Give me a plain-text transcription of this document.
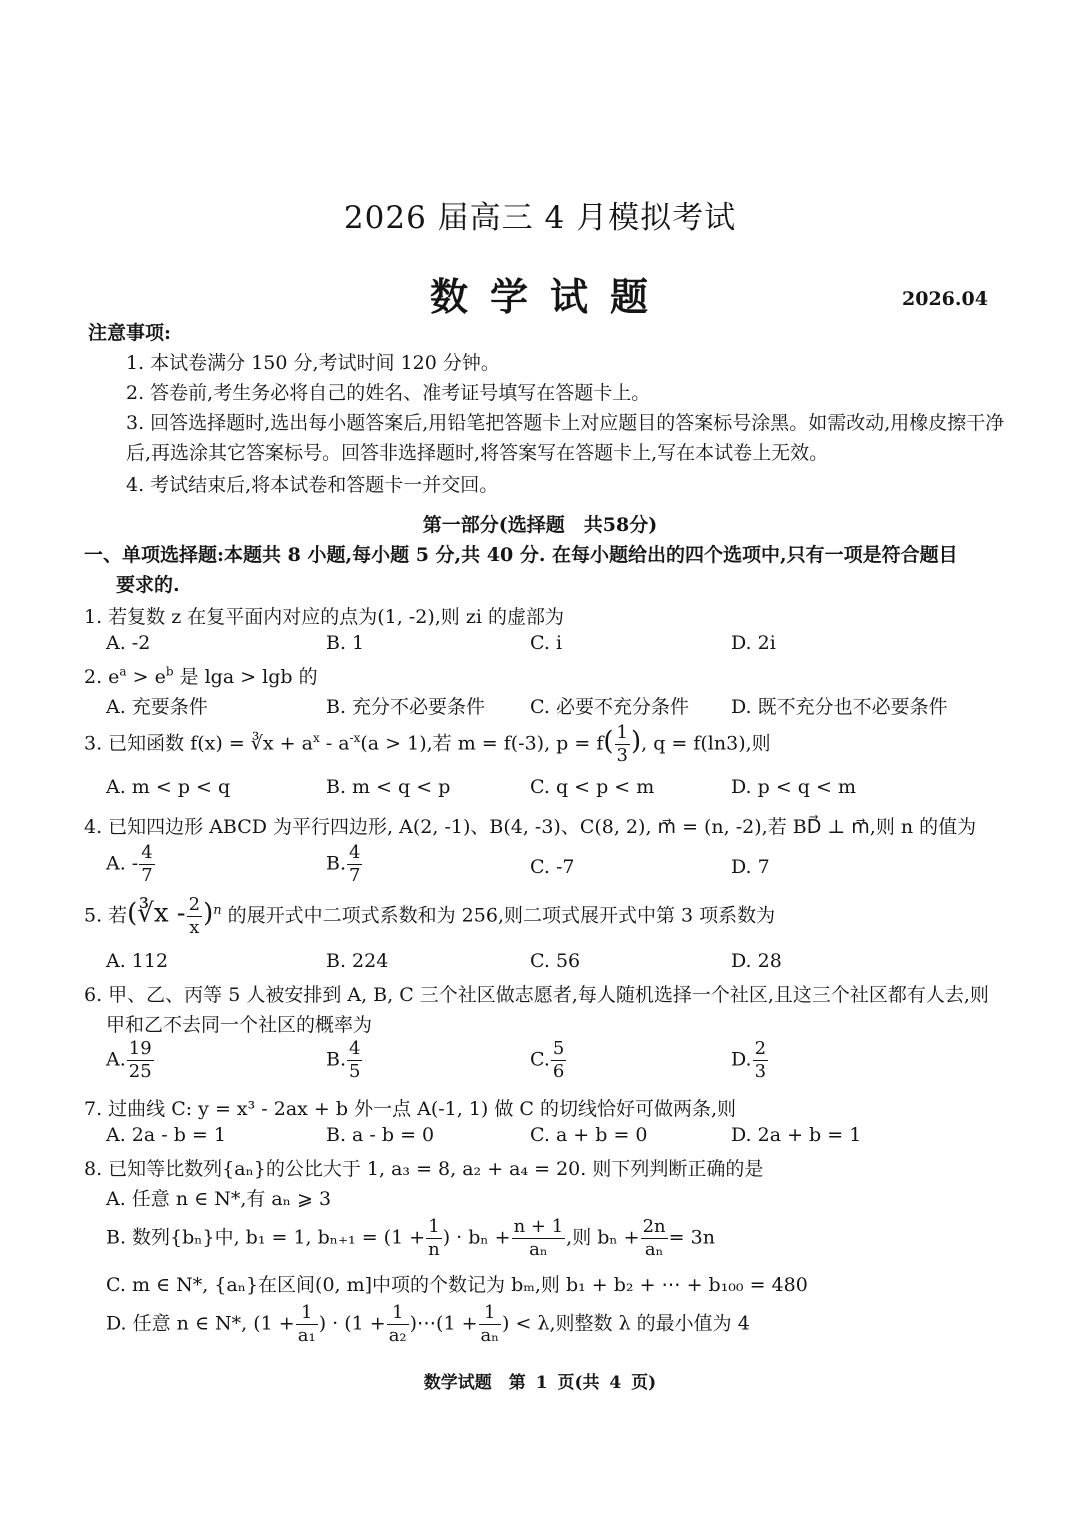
2026 届高三 4 月模拟考试
数学试题	2026.04
注意事项:
1. 本试卷满分 150 分,考试时间 120 分钟。
2. 答卷前,考生务必将自己的姓名、准考证号填写在答题卡上。
3. 回答选择题时,选出每小题答案后,用铅笔把答题卡上对应题目的答案标号涂黑。如需改动,用橡皮擦干净后,再选涂其它答案标号。回答非选择题时,将答案写在答题卡上,写在本试卷上无效。
4. 考试结束后,将本试卷和答题卡一并交回。
第一部分(选择题　共58分)
一、单项选择题:本题共 8 小题,每小题 5 分,共 40 分. 在每小题给出的四个选项中,只有一项是符合题目
要求的.
1. 若复数 z 在复平面内对应的点为(1, -2),则 zi 的虚部为
A. -2	B. 1	C. i	D. 2i
2. $e^a > e^b$ 是 lga > lgb 的
A. 充要条件	B. 充分不必要条件 C. 必要不充分条件 D. 既不充分也不必要条件
3. 已知函数 f(x) = ∛x + $a^x - a^{-x}(a > 1)$,若 m = f(-3), $p = f( \frac{1}{3}$ ), q = f(ln3),则
A. m < p < q	B. m < q < p	C. q < p < m	D. p < q < m
4. 已知四边形 ABCD 为平行四边形, A(2, -1)、B(4, -3)、C(8, 2), m⃗ = (n, -2),若 BD⃗ ⊥ m⃗,则 n 的值为
A. - $\frac{4}{7}$	B. $\frac{4}{7}$	C. -7	D. 7
5. 若(∛x - $\frac{2}{x} )^n$ 的展开式中二项式系数和为 256,则二项式展开式中第 3 项系数为
A. 112	B. 224	C. 56	D. 28
6. 甲、乙、丙等 5 人被安排到 A, B, C 三个社区做志愿者,每人随机选择一个社区,且这三个社区都有人去,则
甲和乙不去同一个社区的概率为
A. $\frac{19}{25}$	B. $\frac{4}{5}$	C. $\frac{5}{6}$	D. $\frac{2}{3}$
7. 过曲线 C: y = x³ - 2ax + b 外一点 A(-1, 1) 做 C 的切线恰好可做两条,则
A. 2a - b = 1	B. a - b = 0	C. a + b = 0	D. 2a + b = 1
8. 已知等比数列{aₙ}的公比大于 1, a₃ = 8, a₂ + a₄ = 20. 则下列判断正确的是
A. 任意 n ∈ N*,有 aₙ ⩾ 3
B. 数列{bₙ}中, b₁ = 1, $b_{n+1} = (1 + \frac{1}{n}$ ) · $b_n + \frac{n + 1}{\text{aₙ}}$ ,则 $b_n + \frac{2n}{\text{aₙ}} = 3n$
C. m ∈ N*, {aₙ}在区间(0, m]中项的个数记为 bₘ,则 b₁ + b₂ + ⋯ + b₁₀₀ = 480
D. 任意 n ∈ N*, ($1 + \frac{1}{\text{a₁}}$ ) · ($1 + \frac{1}{\text{a₂}}$ )⋯(1 + $\frac{1}{\text{aₙ}}$ ) < λ,则整数 λ 的最小值为 4
数学试题　第 1 页(共 4 页)
